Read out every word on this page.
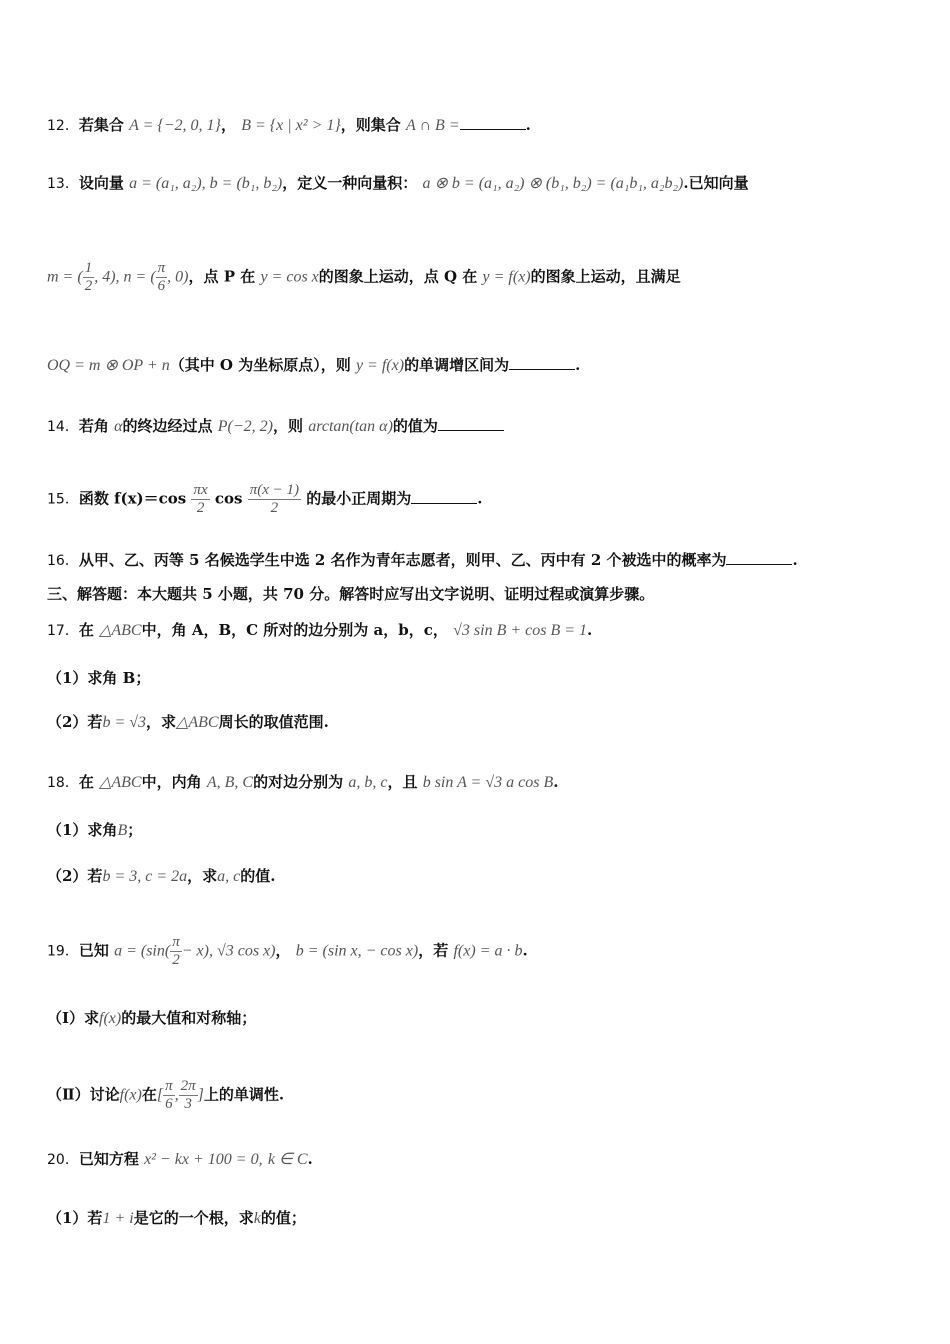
12．若集合 A = {−2, 0, 1}， B = {x | x² > 1}，则集合 A ∩ B =	.
13．设向量 a = (a₁, a₂), b = (b₁, b₂)，定义一种向量积： a ⊗ b = (a₁, a₂) ⊗ (b₁, b₂) = (a₁b₁, a₂b₂).已知向量
m = ( $\frac{1}{2}$ , 4), n = ( $\frac{\pi}{6}$ , 0)，点 P 在 y = cos x的图象上运动，点 Q 在 y = f(x)的图象上运动，且满足
OQ = m ⊗ OP + n（其中 O 为坐标原点），则 y = f(x)的单调增区间为	.
14．若角 α的终边经过点 P(−2, 2)，则 arctan(tan α)的值为
15．函数 $f(x)=\cos \frac{\pi x}{2}$ $\cos \frac{\pi(x - 1)}{2}$ 的最小正周期为	.
16．从甲、乙、丙等 5 名候选学生中选 2 名作为青年志愿者，则甲、乙、丙中有 2 个被选中的概率为	.
三、解答题：本大题共 5 小题，共 70 分。解答时应写出文字说明、证明过程或演算步骤。
17．在 △ABC中，角 A，B，C 所对的边分别为 a，b，c， √3 sin B + cos B = 1.
（1）求角 B；
（2）若b = √3，求△ABC周长的取值范围.
18．在 △ABC中，内角 A, B, C的对边分别为 a, b, c，且 b sin A = √3 a cos B.
（1）求角B；
（2）若b = 3, c = 2a，求a, c的值.
19．已知 $a = (\sin( \frac{\pi}{2} - x)$, √3 cos x)， b = (sin x, − cos x)，若 f(x) = a · b.
（Ⅰ）求f(x)的最大值和对称轴；
（Ⅱ）讨论f(x)在[ $\frac{\pi}{6}$ , $\frac{2\pi}{3}$ ]上的单调性.
20．已知方程 x² − kx + 100 = 0, k ∈ C.
（1）若1 + i是它的一个根，求k的值；
